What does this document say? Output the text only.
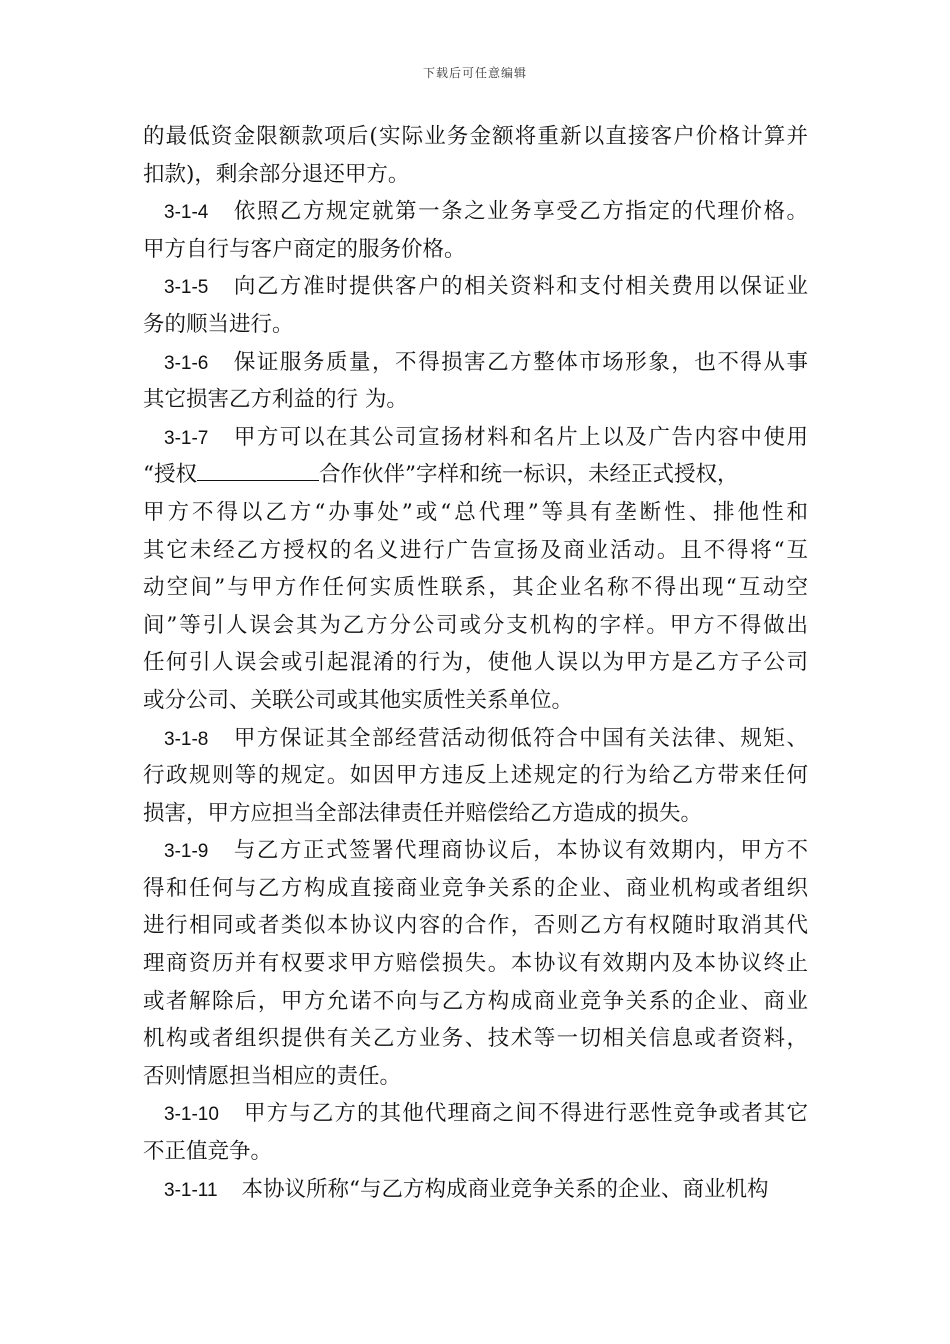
下载后可任意编辑
的最低资金限额款项后(实际业务金额将重新以直接客户价格计算并
扣款)，剩余部分退还甲方。
3-1-4 依照乙方规定就第一条之业务享受乙方指定的代理价格。
甲方自行与客户商定的服务价格。
3-1-5 向乙方准时提供客户的相关资料和支付相关费用以保证业
务的顺当进行。
3-1-6 保证服务质量，不得损害乙方整体市场形象，也不得从事
其它损害乙方利益的行 为。
3-1-7 甲方可以在其公司宣扬材料和名片上以及广告内容中使用
“授权	合作伙伴”字样和统一标识，未经正式授权，
甲方不得以乙方“办事处”或“总代理”等具有垄断性、排他性和
其它未经乙方授权的名义进行广告宣扬及商业活动。且不得将“互
动空间”与甲方作任何实质性联系，其企业名称不得出现“互动空
间”等引人误会其为乙方分公司或分支机构的字样。甲方不得做出
任何引人误会或引起混淆的行为，使他人误以为甲方是乙方子公司
或分公司、关联公司或其他实质性关系单位。
3-1-8 甲方保证其全部经营活动彻低符合中国有关法律、规矩、
行政规则等的规定。如因甲方违反上述规定的行为给乙方带来任何
损害，甲方应担当全部法律责任并赔偿给乙方造成的损失。
3-1-9 与乙方正式签署代理商协议后，本协议有效期内，甲方不
得和任何与乙方构成直接商业竞争关系的企业、商业机构或者组织
进行相同或者类似本协议内容的合作，否则乙方有权随时取消其代
理商资历并有权要求甲方赔偿损失。本协议有效期内及本协议终止
或者解除后，甲方允诺不向与乙方构成商业竞争关系的企业、商业
机构或者组织提供有关乙方业务、技术等一切相关信息或者资料，
否则情愿担当相应的责任。
3-1-10 甲方与乙方的其他代理商之间不得进行恶性竞争或者其它
不正值竞争。
3-1-11 本协议所称“与乙方构成商业竞争关系的企业、商业机构
